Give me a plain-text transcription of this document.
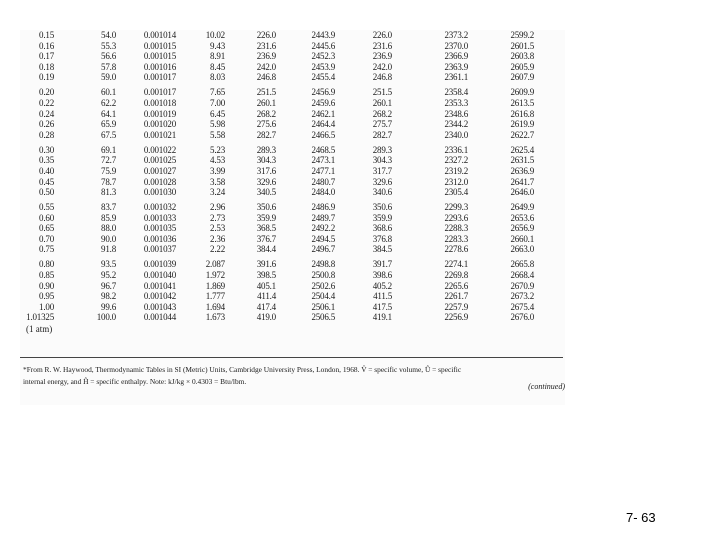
0.15	54.0	0.001014	10.02	226.0	2443.9	226.0	2373.2	2599.2
0.16	55.3	0.001015	9.43	231.6	2445.6	231.6	2370.0	2601.5
0.17	56.6	0.001015	8.91	236.9	2452.3	236.9	2366.9	2603.8
0.18	57.8	0.001016	8.45	242.0	2453.9	242.0	2363.9	2605.9
0.19	59.0	0.001017	8.03	246.8	2455.4	246.8	2361.1	2607.9
0.20	60.1	0.001017	7.65	251.5	2456.9	251.5	2358.4	2609.9
0.22	62.2	0.001018	7.00	260.1	2459.6	260.1	2353.3	2613.5
0.24	64.1	0.001019	6.45	268.2	2462.1	268.2	2348.6	2616.8
0.26	65.9	0.001020	5.98	275.6	2464.4	275.7	2344.2	2619.9
0.28	67.5	0.001021	5.58	282.7	2466.5	282.7	2340.0	2622.7
0.30	69.1	0.001022	5.23	289.3	2468.5	289.3	2336.1	2625.4
0.35	72.7	0.001025	4.53	304.3	2473.1	304.3	2327.2	2631.5
0.40	75.9	0.001027	3.99	317.6	2477.1	317.7	2319.2	2636.9
0.45	78.7	0.001028	3.58	329.6	2480.7	329.6	2312.0	2641.7
0.50	81.3	0.001030	3.24	340.5	2484.0	340.6	2305.4	2646.0
0.55	83.7	0.001032	2.96	350.6	2486.9	350.6	2299.3	2649.9
0.60	85.9	0.001033	2.73	359.9	2489.7	359.9	2293.6	2653.6
0.65	88.0	0.001035	2.53	368.5	2492.2	368.6	2288.3	2656.9
0.70	90.0	0.001036	2.36	376.7	2494.5	376.8	2283.3	2660.1
0.75	91.8	0.001037	2.22	384.4	2496.7	384.5	2278.6	2663.0
0.80	93.5	0.001039	2.087	391.6	2498.8	391.7	2274.1	2665.8
0.85	95.2	0.001040	1.972	398.5	2500.8	398.6	2269.8	2668.4
0.90	96.7	0.001041	1.869	405.1	2502.6	405.2	2265.6	2670.9
0.95	98.2	0.001042	1.777	411.4	2504.4	411.5	2261.7	2673.2
1.00	99.6	0.001043	1.694	417.4	2506.1	417.5	2257.9	2675.4
1.01325	100.0	0.001044	1.673	419.0	2506.5	419.1	2256.9	2676.0
(1 atm)
*From R. W. Haywood, Thermodynamic Tables in SI (Metric) Units, Cambridge University Press, London, 1968. V̂ = specific volume, Û = specific
internal energy, and Ĥ = specific enthalpy. Note: kJ/kg × 0.4303 = Btu/lbm.
(continued)
7- 63
